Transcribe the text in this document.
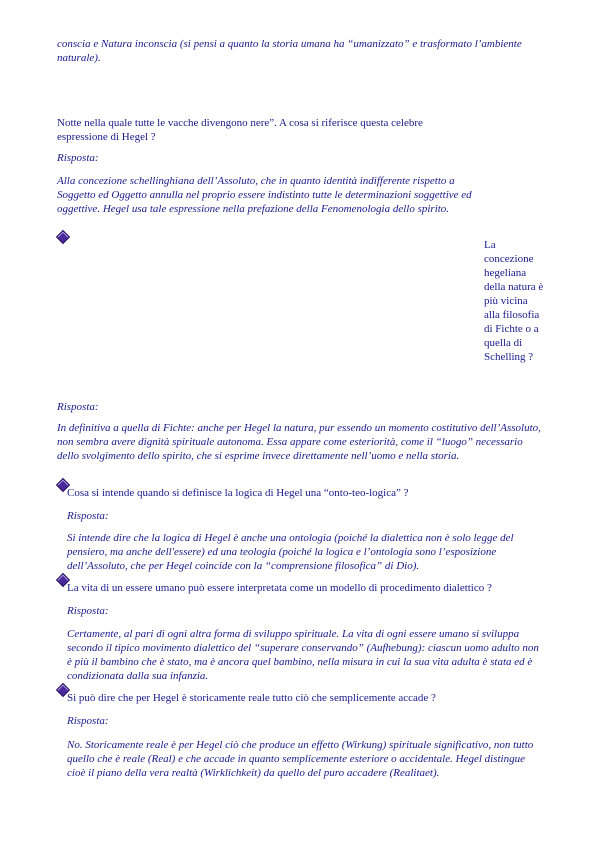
conscia e Natura inconscia (si pensi a quanto la storia umana ha “umanizzato” e trasformato l’ambiente naturale).
Notte nella quale tutte le vacche divengono nere”. A cosa si riferisce questa celebre espressione di Hegel ?
Risposta:
Alla concezione schellinghiana dell’Assoluto, che in quanto identità indifferente rispetto a Soggetto ed Oggetto annulla nel proprio essere indistinto tutte le determinazioni soggettive ed oggettive. Hegel usa tale espressione nella prefazione della Fenomenologia dello spirito.
La concezione hegeliana della natura è più vicina alla filosofia di Fichte o a quella di Schelling ?
Risposta:
In definitiva a quella di Fichte: anche per Hegel la natura, pur essendo un momento costitutivo dell’Assoluto, non sembra avere dignità spirituale autonoma. Essa appare come esteriorità, come il “luogo” necessario dello svolgimento dello spirito, che si esprime invece direttamente nell’uomo e nella storia.
Cosa si intende quando si definisce la logica di Hegel una “onto-teo-logica” ?
Risposta:
Si intende dire che la logica di Hegel è anche una ontologia (poiché la dialettica non è solo legge del pensiero, ma anche dell'essere) ed una teologia (poiché la logica e l’ontologia sono l’esposizione dell’Assoluto, che per Hegel coincide con la “comprensione filosofica” di Dio).
La vita di un essere umano può essere interpretata come un modello di procedimento dialettico ?
Risposta:
Certamente, al pari di ogni altra forma di sviluppo spirituale. La vita di ogni essere umano si sviluppa secondo il tipico movimento dialettico del “superare conservando” (Aufhebung): ciascun uomo adulto non è più il bambino che è stato, ma è ancora quel bambino, nella misura in cui la sua vita adulta è stata ed è condizionata dalla sua infanzia.
Si può dire che per Hegel è storicamente reale tutto ciò che semplicemente accade ?
Risposta:
No. Storicamente reale è per Hegel ciò che produce un effetto (Wirkung) spirituale significativo, non tutto quello che è reale (Real) e che accade in quanto semplicemente esteriore o accidentale. Hegel distingue cioè il piano della vera realtà (Wirklichkeit) da quello del puro accadere (Realitaet).
